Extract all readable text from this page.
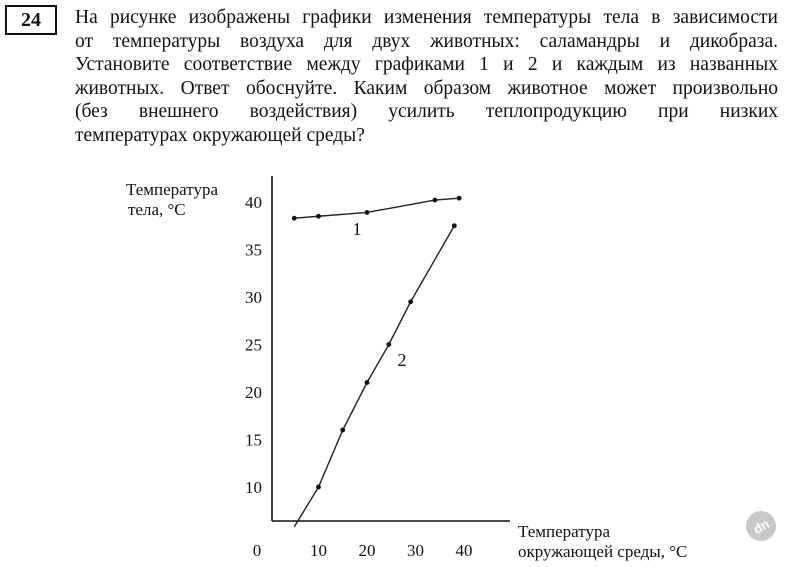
24	На рисунке изображены графики изменения температуры тела в зависимости
от температуры воздуха для двух животных: саламандры и дикобраза.
Установите соответствие между графиками 1 и 2 и каждым из названных
животных. Ответ обоснуйте. Каким образом животное может произвольно
(без внешнего воздействия) усилить теплопродукцию при низких
температурах окружающей среды?

Температура
тела, °C
Температура
окружающей среды, °C
0	10 20 30 40
10
15
20
25
30
35
40
1
2
dn
